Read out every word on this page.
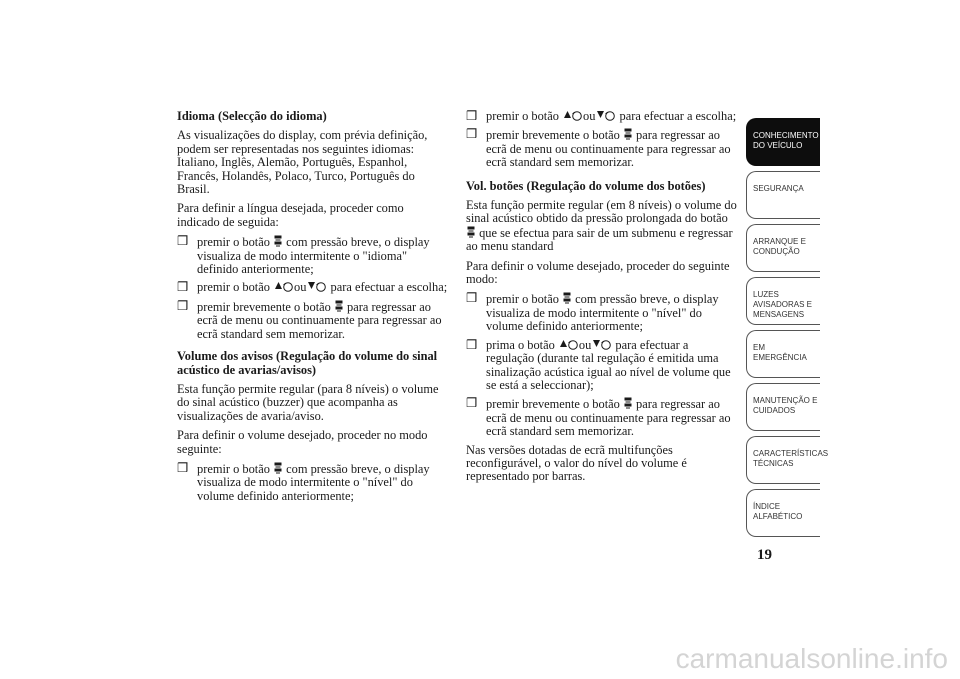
Idioma (Selecção do idioma)

As visualizações do display, com prévia definição, podem ser representadas nos seguintes idiomas: Italiano, Inglês, Alemão, Português, Espanhol, Francês, Holandês, Polaco, Turco, Português do Brasil.

Para definir a língua desejada, proceder como indicado de seguida:

❒ premir o botão  com pressão breve, o display visualiza de modo intermitente o "idioma" definido anteriormente;
❒ premir o botão ou para efectuar a escolha;
❒ premir brevemente o botão  para regressar ao ecrã de menu ou continuamente para regressar ao ecrã standard sem memorizar.

Volume dos avisos (Regulação do volume do sinal acústico de avarias/avisos)

Esta função permite regular (para 8 níveis) o volume do sinal acústico (buzzer) que acompanha as visualizações de avaria/aviso.

Para definir o volume desejado, proceder no modo seguinte:

❒ premir o botão  com pressão breve, o display visualiza de modo intermitente o "nível" do volume definido anteriormente;
❒ premir o botão ou para efectuar a escolha;
❒ premir brevemente o botão  para regressar ao ecrã de menu ou continuamente para regressar ao ecrã standard sem memorizar.

Vol. botões (Regulação do volume dos botões)

Esta função permite regular (em 8 níveis) o volume do sinal acústico obtido da pressão prolongada do botão  que se efectua para sair de um submenu e regressar ao menu standard

Para definir o volume desejado, proceder do seguinte modo:

❒ premir o botão  com pressão breve, o display visualiza de modo intermitente o "nível" do volume definido anteriormente;
❒ prima o botão ou para efectuar a regulação (durante tal regulação é emitida uma sinalização acústica igual ao nível de volume que se está a seleccionar);
❒ premir brevemente o botão  para regressar ao ecrã de menu ou continuamente para regressar ao ecrã standard sem memorizar.

Nas versões dotadas de ecrã multifunções reconfigurável, o valor do nível do volume é representado por barras.

CONHECIMENTO DO VEÍCULO
SEGURANÇA
ARRANQUE E CONDUÇÃO
LUZES AVISADORAS E MENSAGENS
EM EMERGÊNCIA
MANUTENÇÃO E CUIDADOS
CARACTERÍSTICAS TÉCNICAS
ÍNDICE ALFABÉTICO
19
carmanualsonline.info
